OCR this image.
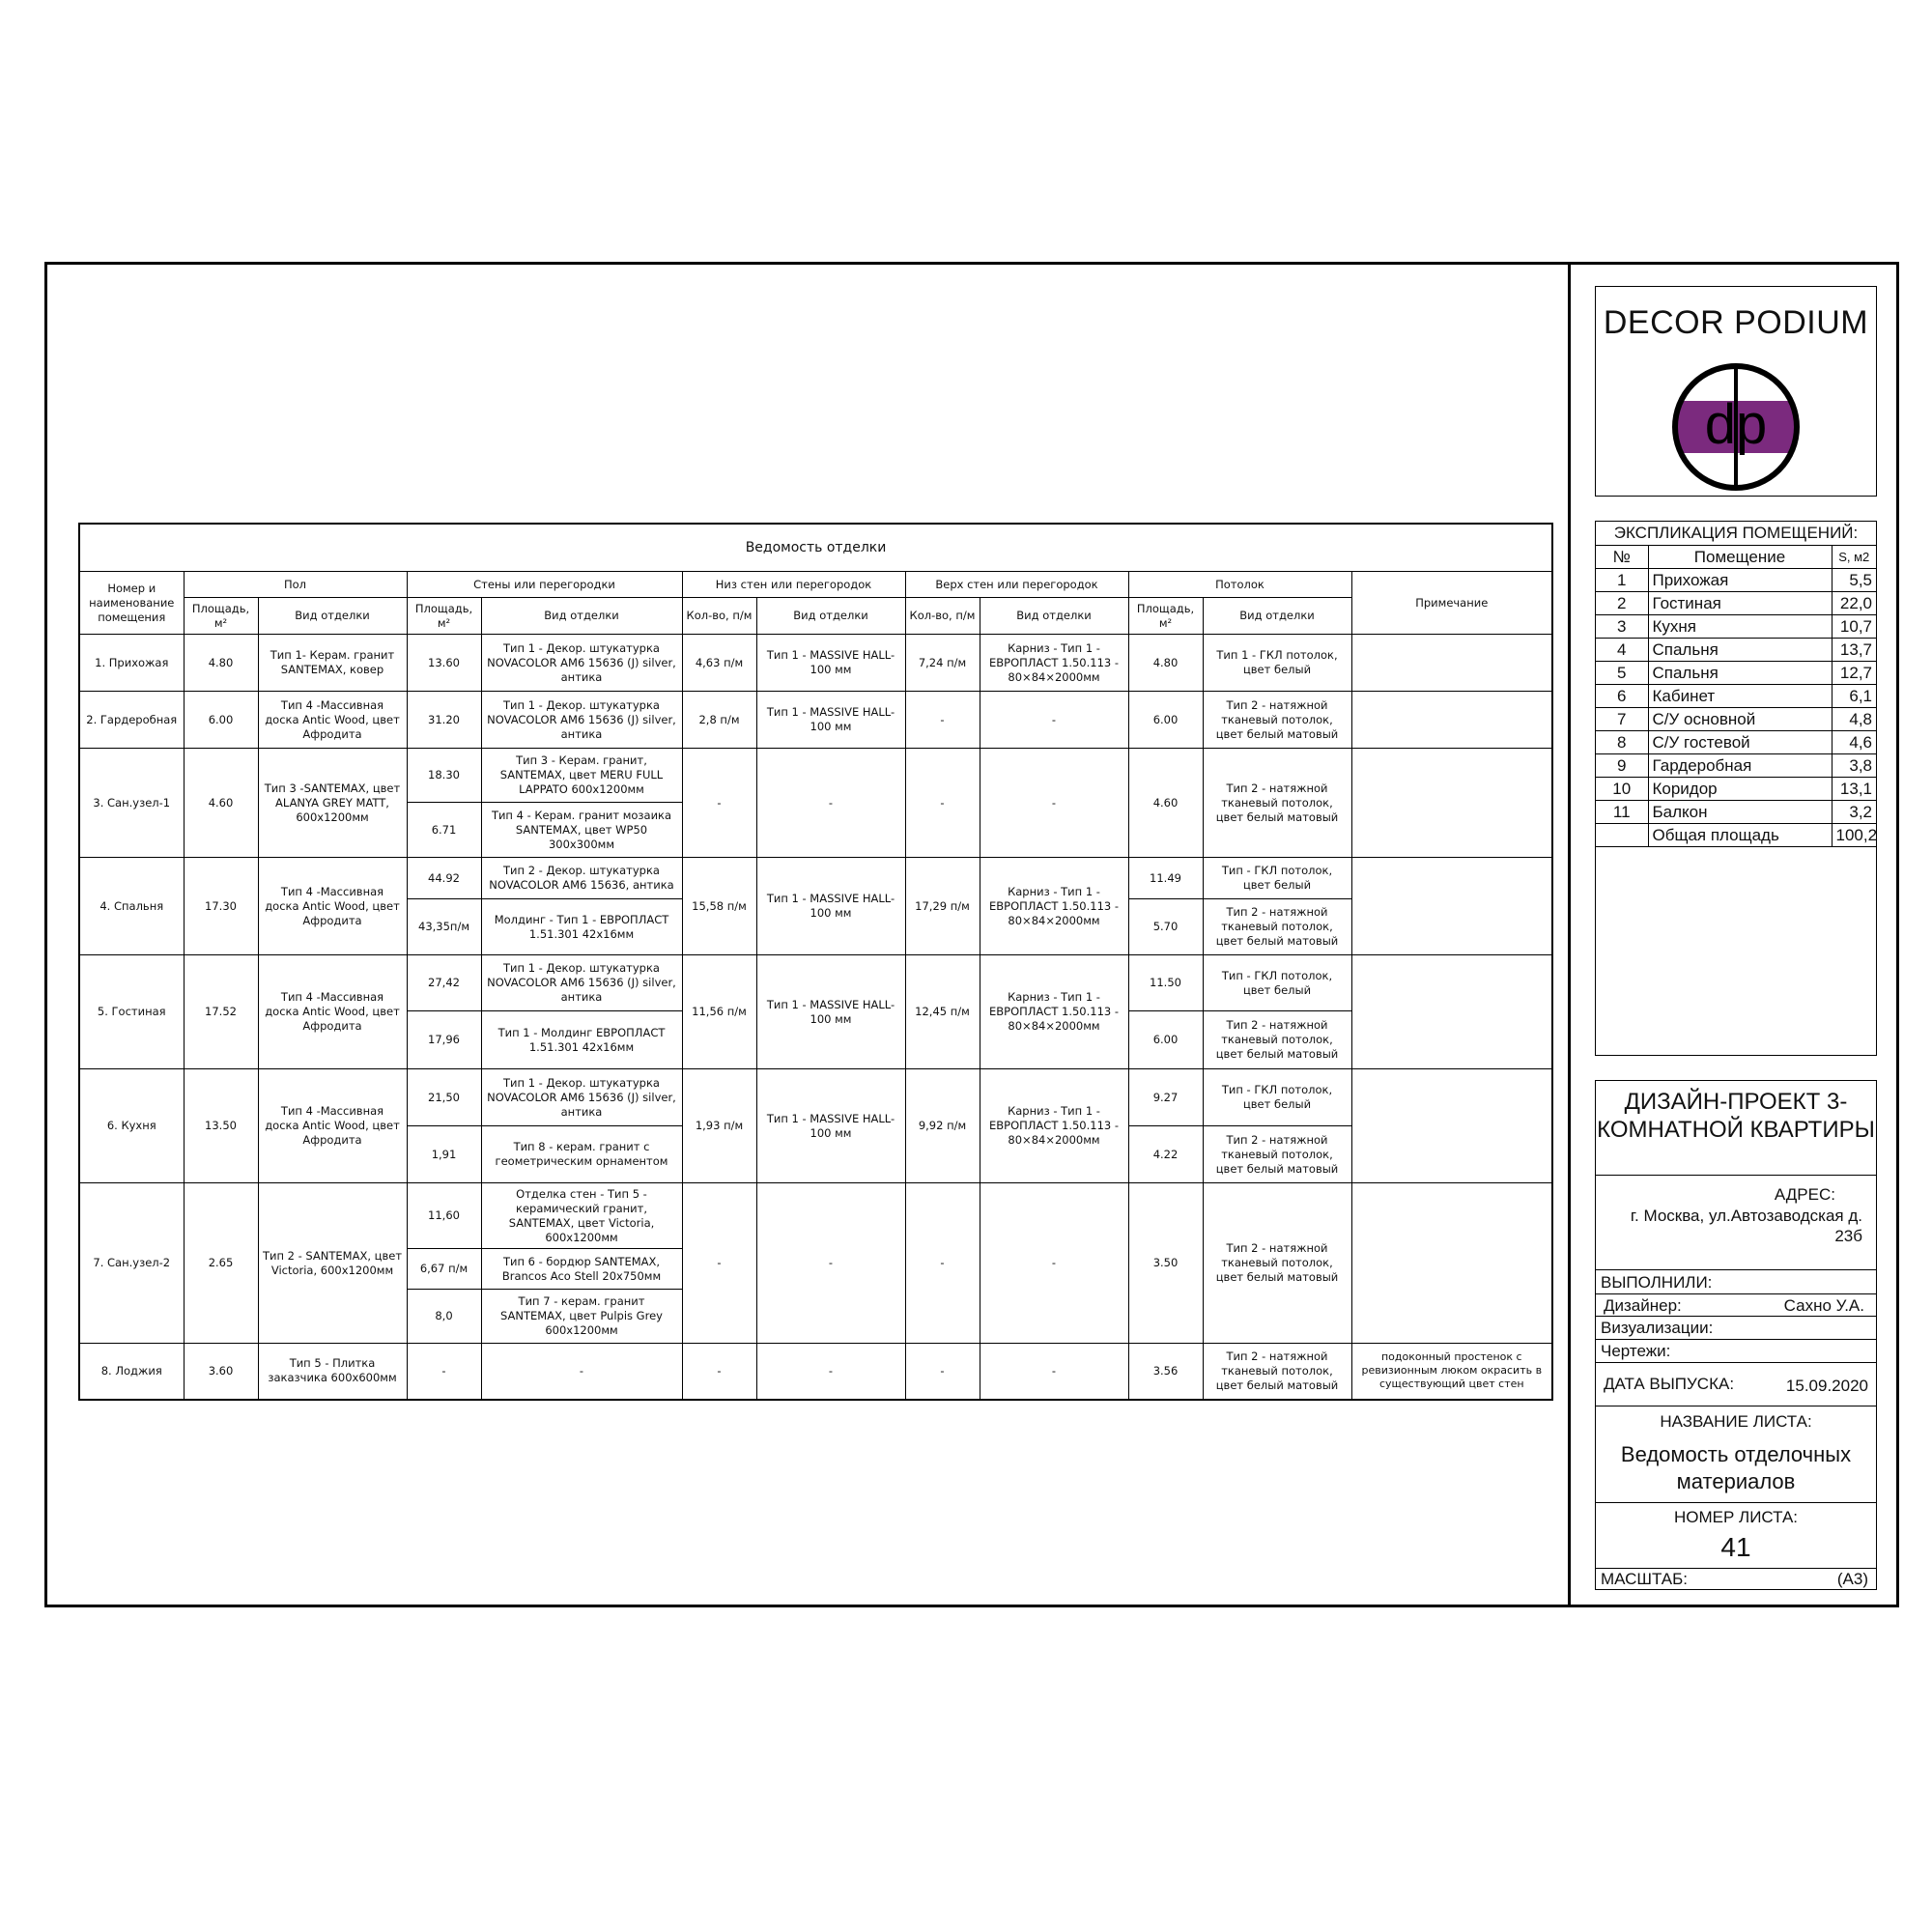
Ведомость отделки											
Номер и наименование помещения	Пол		Стены или перегородки		Низ стен или перегородок		Верх стен или перегородок		Потолок		Примечание
	Площадь, м²	Вид отделки	Площадь, м²	Вид отделки	Кол-во, п/м	Вид отделки	Кол-во, п/м	Вид отделки	Площадь, м²	Вид отделки	
1. Прихожая	4.80	Тип 1- Керам. гранит SANTEMAX, ковер	13.60	Тип 1 - Декор. штукатурка NOVACOLOR AM6 15636 (J) silver, антика	4,63 п/м	Тип 1 - MASSIVE HALL- 100 мм	7,24 п/м	Карниз - Тип 1 - ЕВРОПЛАСТ 1.50.113 - 80×84×2000мм	4.80	Тип 1 - ГКЛ потолок, цвет белый	
2. Гардеробная	6.00	Тип 4 -Массивная доска Antic Wood, цвет Афродита	31.20	Тип 1 - Декор. штукатурка NOVACOLOR AM6 15636 (J) silver, антика	2,8 п/м	Тип 1 - MASSIVE HALL- 100 мм	-	-	6.00	Тип 2 - натяжной тканевый потолок, цвет белый матовый	
3. Сан.узел-1	4.60	Тип 3 -SANTEMAX, цвет ALANYA GREY MATT, 600х1200мм	18.30	Тип 3 - Керам. гранит, SANTEMAX, цвет MERU FULL LAPPATO 600х1200мм	-	-	-	-	4.60	Тип 2 - натяжной тканевый потолок, цвет белый матовый	
			6.71	Тип 4 - Керам. гранит мозаика SANTEMAX, цвет WP50 300х300мм							
4. Спальня	17.30	Тип 4 -Массивная доска Antic Wood, цвет Афродита	44.92	Тип 2 - Декор. штукатурка NOVACOLOR AM6 15636, антика	15,58 п/м	Тип 1 - MASSIVE HALL- 100 мм	17,29 п/м	Карниз - Тип 1 - ЕВРОПЛАСТ 1.50.113 - 80×84×2000мм	11.49	Тип - ГКЛ потолок, цвет белый	
			43,35п/м	Молдинг - Тип 1 - ЕВРОПЛАСТ 1.51.301 42х16мм					5.70	Тип 2 - натяжной тканевый потолок, цвет белый матовый	
5. Гостиная	17.52	Тип 4 -Массивная доска Antic Wood, цвет Афродита	27,42	Тип 1 - Декор. штукатурка NOVACOLOR AM6 15636 (J) silver, антика	11,56 п/м	Тип 1 - MASSIVE HALL- 100 мм	12,45 п/м	Карниз - Тип 1 - ЕВРОПЛАСТ 1.50.113 - 80×84×2000мм	11.50	Тип - ГКЛ потолок, цвет белый	
			17,96	Тип 1 - Молдинг ЕВРОПЛАСТ 1.51.301 42х16мм					6.00	Тип 2 - натяжной тканевый потолок, цвет белый матовый	
6. Кухня	13.50	Тип 4 -Массивная доска Antic Wood, цвет Афродита	21,50	Тип 1 - Декор. штукатурка NOVACOLOR AM6 15636 (J) silver, антика	1,93 п/м	Тип 1 - MASSIVE HALL- 100 мм	9,92 п/м	Карниз - Тип 1 - ЕВРОПЛАСТ 1.50.113 - 80×84×2000мм	9.27	Тип - ГКЛ потолок, цвет белый	
			1,91	Тип 8 - керам. гранит с геометрическим орнаментом					4.22	Тип 2 - натяжной тканевый потолок, цвет белый матовый	
7. Сан.узел-2	2.65	Тип 2 - SANTEMAX, цвет Victoria, 600х1200мм	11,60	Отделка стен - Тип 5 - керамический гранит, SANTEMAX, цвет Victoria, 600х1200мм	-	-	-	-	3.50	Тип 2 - натяжной тканевый потолок, цвет белый матовый	
			6,67 п/м	Тип 6 - бордюр SANTEMAX, Brancos Aco Stell 20х750мм							
			8,0	Тип 7 - керам. гранит SANTEMAX, цвет Pulpis Grey 600х1200мм							
8. Лоджия	3.60	Тип 5 - Плитка заказчика 600х600мм	-	-	-	-	-	-	3.56	Тип 2 - натяжной тканевый потолок, цвет белый матовый	подоконный простенок с ревизионным люком окрасить в существующий цвет стен
DECOR PODIUM
dp
ЭКСПЛИКАЦИЯ ПОМЕЩЕНИЙ:
№	Помещение	S, м2
1	Прихожая	5,5
2	Гостиная	22,0
3	Кухня	10,7
4	Спальня	13,7
5	Спальня	12,7
6	Кабинет	6,1
7	С/У основной	4,8
8	С/У гостевой	4,6
9	Гардеробная	3,8
10	Коридор	13,1
11	Балкон	3,2
	Общая площадь	100,2
ДИЗАЙН-ПРОЕКТ 3-КОМНАТНОЙ КВАРТИРЫ
АДРЕС:
г. Москва, ул.Автозаводская д. 23б
ВЫПОЛНИЛИ:
Дизайнер:	Сахно У.А.
Визуализации:
Чертежи:
ДАТА ВЫПУСКА:	15.09.2020
НАЗВАНИЕ ЛИСТА:
Ведомость отделочных материалов
НОМЕР ЛИСТА:
41
МАСШТАБ:	(А3)
